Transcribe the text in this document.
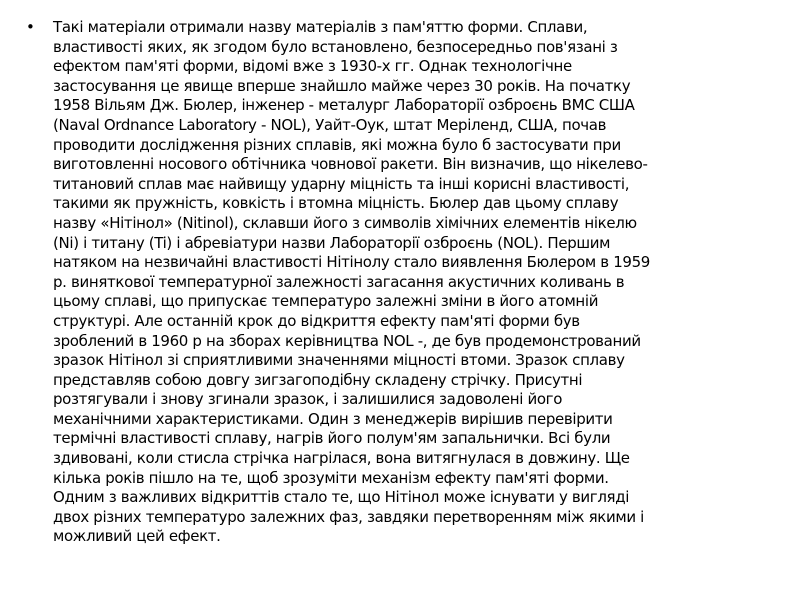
•	Такі матеріали отримали назву матеріалів з пам'яттю форми. Сплави,
властивості яких, як згодом було встановлено, безпосередньо пов'язані з
ефектом пам'яті форми, відомі вже з 1930-х гг. Однак технологічне
застосування це явище вперше знайшло майже через 30 років. На початку
1958 Вільям Дж. Бюлер, інженер - металург Лабораторії озброєнь ВМС США
(Naval Ordnance Laboratory - NOL), Уайт-Оук, штат Меріленд, США, почав
проводити дослідження різних сплавів, які можна було б застосувати при
виготовленні носового обтічника човнової ракети. Він визначив, що нікелево-
титановий сплав має найвищу ударну міцність та інші корисні властивості,
такими як пружність, ковкість і втомна міцність. Бюлер дав цьому сплаву
назву «Нітінол» (Nitinol), склавши його з символів хімічних елементів нікелю
(Ni) і титану (Ti) і абревіатури назви Лабораторії озброєнь (NOL). Першим
натяком на незвичайні властивості Нітінолу стало виявлення Бюлером в 1959
р. виняткової температурної залежності загасання акустичних коливань в
цьому сплаві, що припускає температуро залежні зміни в його атомній
структурі. Але останній крок до відкриття ефекту пам'яті форми був
зроблений в 1960 р на зборах керівництва NOL -, де був продемонстрований
зразок Нітінол зі сприятливими значеннями міцності втоми. Зразок сплаву
представляв собою довгу зигзагоподібну складену стрічку. Присутні
розтягували і знову згинали зразок, і залишилися задоволені його
механічними характеристиками. Один з менеджерів вирішив перевірити
термічні властивості сплаву, нагрів його полум'ям запальнички. Всі були
здивовані, коли стисла стрічка нагрілася, вона витягнулася в довжину. Ще
кілька років пішло на те, щоб зрозуміти механізм ефекту пам'яті форми.
Одним з важливих відкриттів стало те, що Нітінол може існувати у вигляді
двох різних температуро залежних фаз, завдяки перетворенням між якими і
можливий цей ефект.
